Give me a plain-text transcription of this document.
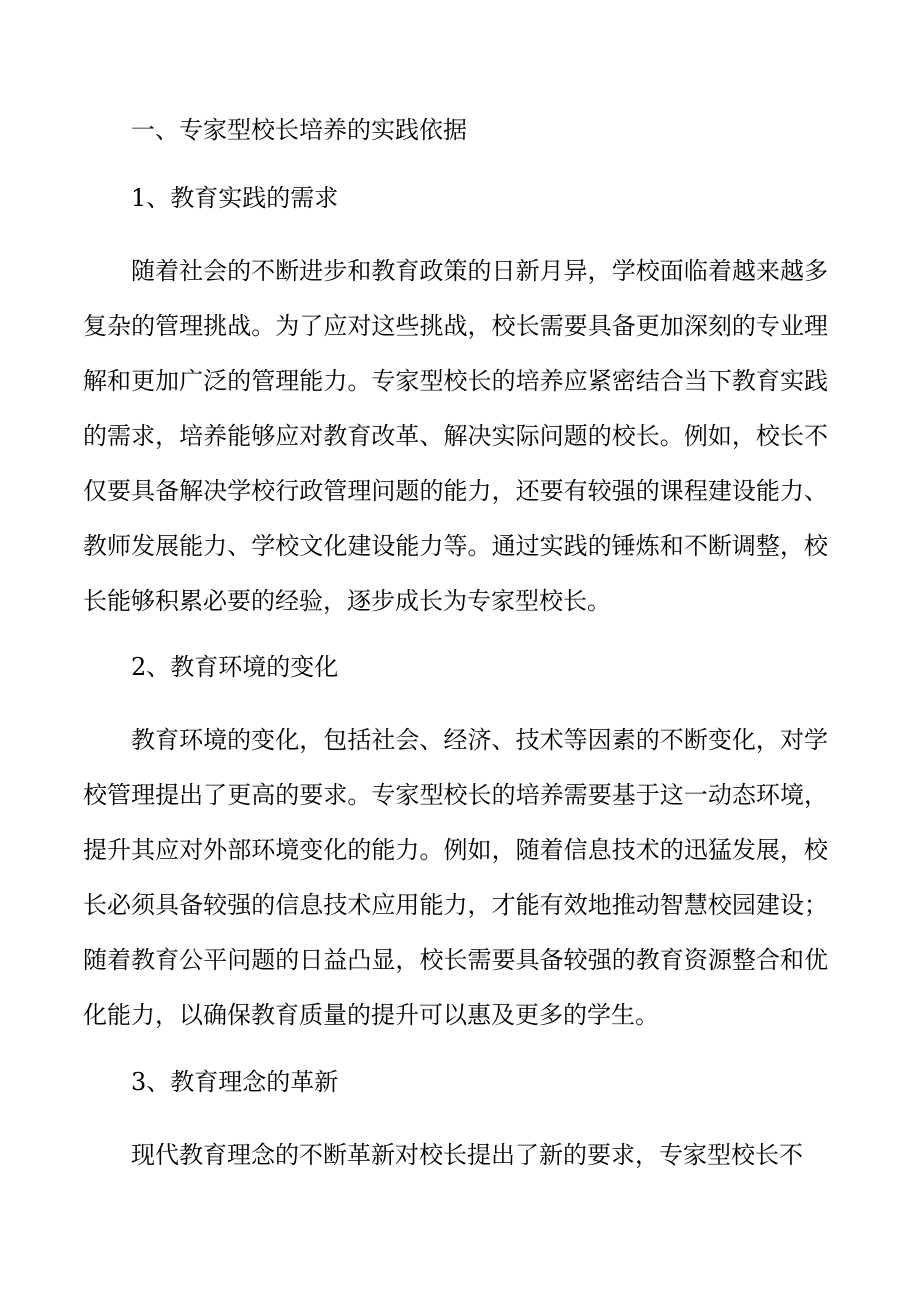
一、专家型校长培养的实践依据
1、教育实践的需求
随着社会的不断进步和教育政策的日新月异，学校面临着越来越多复杂的管理挑战。为了应对这些挑战，校长需要具备更加深刻的专业理解和更加广泛的管理能力。专家型校长的培养应紧密结合当下教育实践的需求，培养能够应对教育改革、解决实际问题的校长。例如，校长不仅要具备解决学校行政管理问题的能力，还要有较强的课程建设能力、教师发展能力、学校文化建设能力等。通过实践的锤炼和不断调整，校长能够积累必要的经验，逐步成长为专家型校长。
2、教育环境的变化
教育环境的变化，包括社会、经济、技术等因素的不断变化，对学校管理提出了更高的要求。专家型校长的培养需要基于这一动态环境，提升其应对外部环境变化的能力。例如，随着信息技术的迅猛发展，校长必须具备较强的信息技术应用能力，才能有效地推动智慧校园建设；随着教育公平问题的日益凸显，校长需要具备较强的教育资源整合和优化能力，以确保教育质量的提升可以惠及更多的学生。
3、教育理念的革新
现代教育理念的不断革新对校长提出了新的要求，专家型校长不
